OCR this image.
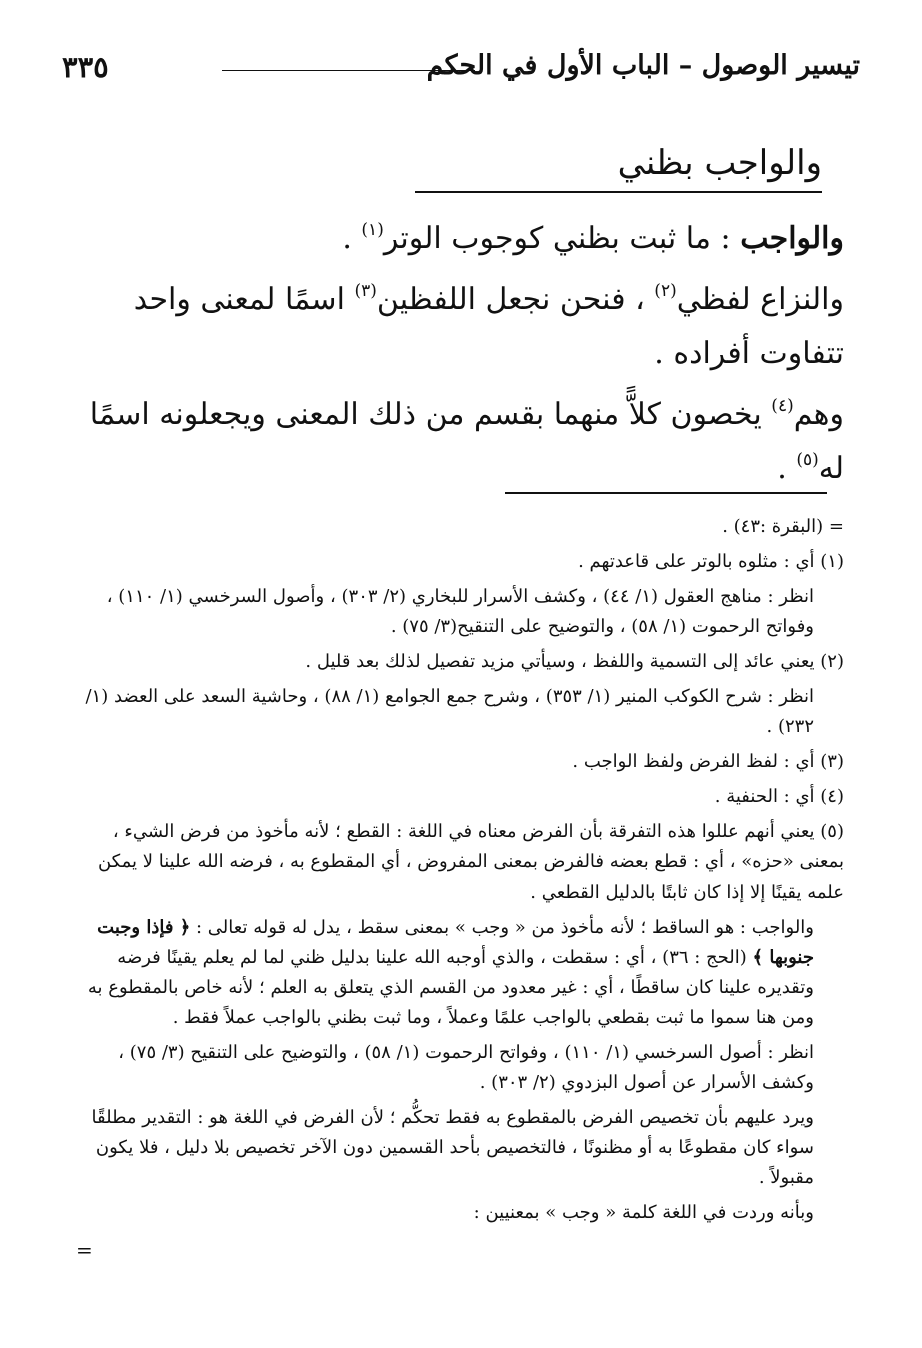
تيسير الوصول – الباب الأول في الحكم
٣٣٥
والواجب بظني

والواجب : ما ثبت بظني كوجوب الوتر$^{(١)}$ .

والنزاع لفظي$^{(٢)}$ ، فنحن نجعل اللفظين$^{(٣)}$ اسمًا لمعنى واحد تتفاوت أفراده .

وهم$^{(٤)}$ يخصون كلاًّ منهما بقسم من ذلك المعنى ويجعلونه اسمًا له$^{(٥)}$ .

= (البقرة :٤٣) .
(١) أي : مثلوه بالوتر على قاعدتهم .
انظر : مناهج العقول (١/ ٤٤) ، وكشف الأسرار للبخاري (٢/ ٣٠٣) ، وأصول السرخسي (١/ ١١٠) ، وفواتح الرحموت (١/ ٥٨) ، والتوضيح على التنقيح(٣/ ٧٥) .
(٢) يعني عائد إلى التسمية واللفظ ، وسيأتي مزيد تفصيل لذلك بعد قليل .
انظر : شرح الكوكب المنير (١/ ٣٥٣) ، وشرح جمع الجوامع (١/ ٨٨) ، وحاشية السعد على العضد (١/ ٢٣٢) .
(٣) أي : لفظ الفرض ولفظ الواجب .
(٤) أي : الحنفية .
(٥) يعني أنهم عللوا هذه التفرقة بأن الفرض معناه في اللغة : القطع ؛ لأنه مأخوذ من فرض الشيء ، بمعنى «حزه» ، أي : قطع بعضه فالفرض بمعنى المفروض ، أي المقطوع به ، فرضه الله علينا لا يمكن علمه يقينًا إلا إذا كان ثابتًا بالدليل القطعي .
والواجب : هو الساقط ؛ لأنه مأخوذ من « وجب » بمعنى سقط ، يدل له قوله تعالى : ﴿ فإذا وجبت جنوبها ﴾ (الحج : ٣٦) ، أي : سقطت ، والذي أوجبه الله علينا بدليل ظني لما لم يعلم يقينًا فرضه وتقديره علينا كان ساقطًا ، أي : غير معدود من القسم الذي يتعلق به العلم ؛ لأنه خاص بالمقطوع به ومن هنا سموا ما ثبت بقطعي بالواجب علمًا وعملاً ، وما ثبت بظني بالواجب عملاً فقط .
انظر : أصول السرخسي (١/ ١١٠) ، وفواتح الرحموت (١/ ٥٨) ، والتوضيح على التنقيح (٣/ ٧٥) ، وكشف الأسرار عن أصول البزدوي (٢/ ٣٠٣) .
ويرد عليهم بأن تخصيص الفرض بالمقطوع به فقط تحكُّم ؛ لأن الفرض في اللغة هو : التقدير مطلقًا سواء كان مقطوعًا به أو مظنونًا ، فالتخصيص بأحد القسمين دون الآخر تخصيص بلا دليل ، فلا يكون مقبولاً .
وبأنه وردت في اللغة كلمة « وجب » بمعنيين :
=
